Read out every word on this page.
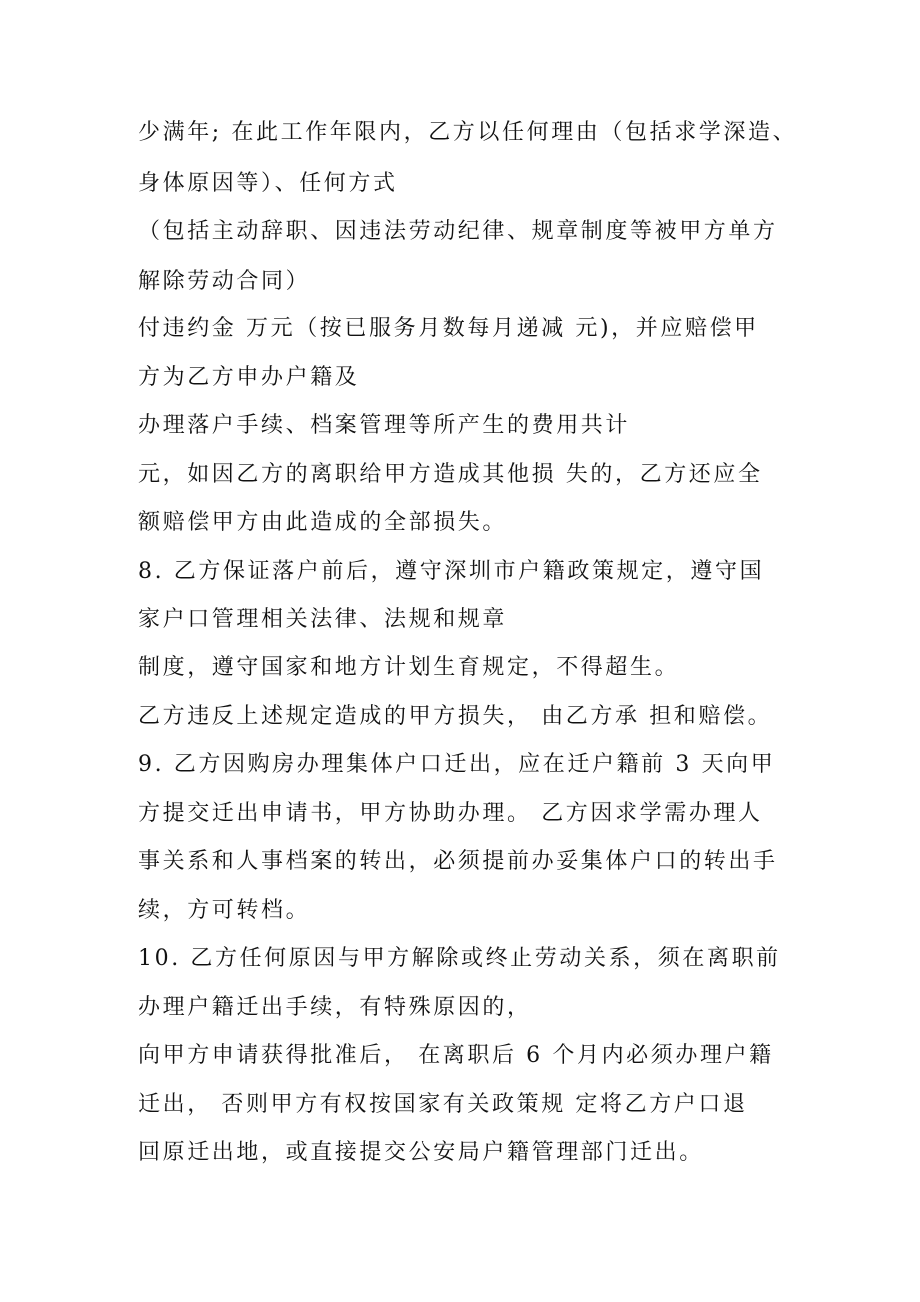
少满年; 在此工作年限内，乙方以任何理由（包括求学深造、

身体原因等）、任何方式

（包括主动辞职、因违法劳动纪律、规章制度等被甲方单方

解除劳动合同）

付违约金 万元（按已服务月数每月递减 元)，并应赔偿甲

方为乙方申办户籍及

办理落户手续、档案管理等所产生的费用共计

元，如因乙方的离职给甲方造成其他损 失的，乙方还应全

额赔偿甲方由此造成的全部损失。

8. 乙方保证落户前后，遵守深圳市户籍政策规定，遵守国

家户口管理相关法律、法规和规章

制度，遵守国家和地方计划生育规定，不得超生。

乙方违反上述规定造成的甲方损失， 由乙方承 担和赔偿。

9. 乙方因购房办理集体户口迁出，应在迁户籍前 3 天向甲

方提交迁出申请书，甲方协助办理。 乙方因求学需办理人

事关系和人事档案的转出，必须提前办妥集体户口的转出手

续，方可转档。

10. 乙方任何原因与甲方解除或终止劳动关系，须在离职前

办理户籍迁出手续，有特殊原因的，

向甲方申请获得批准后， 在离职后 6 个月内必须办理户籍

迁出， 否则甲方有权按国家有关政策规 定将乙方户口退

回原迁出地，或直接提交公安局户籍管理部门迁出。
